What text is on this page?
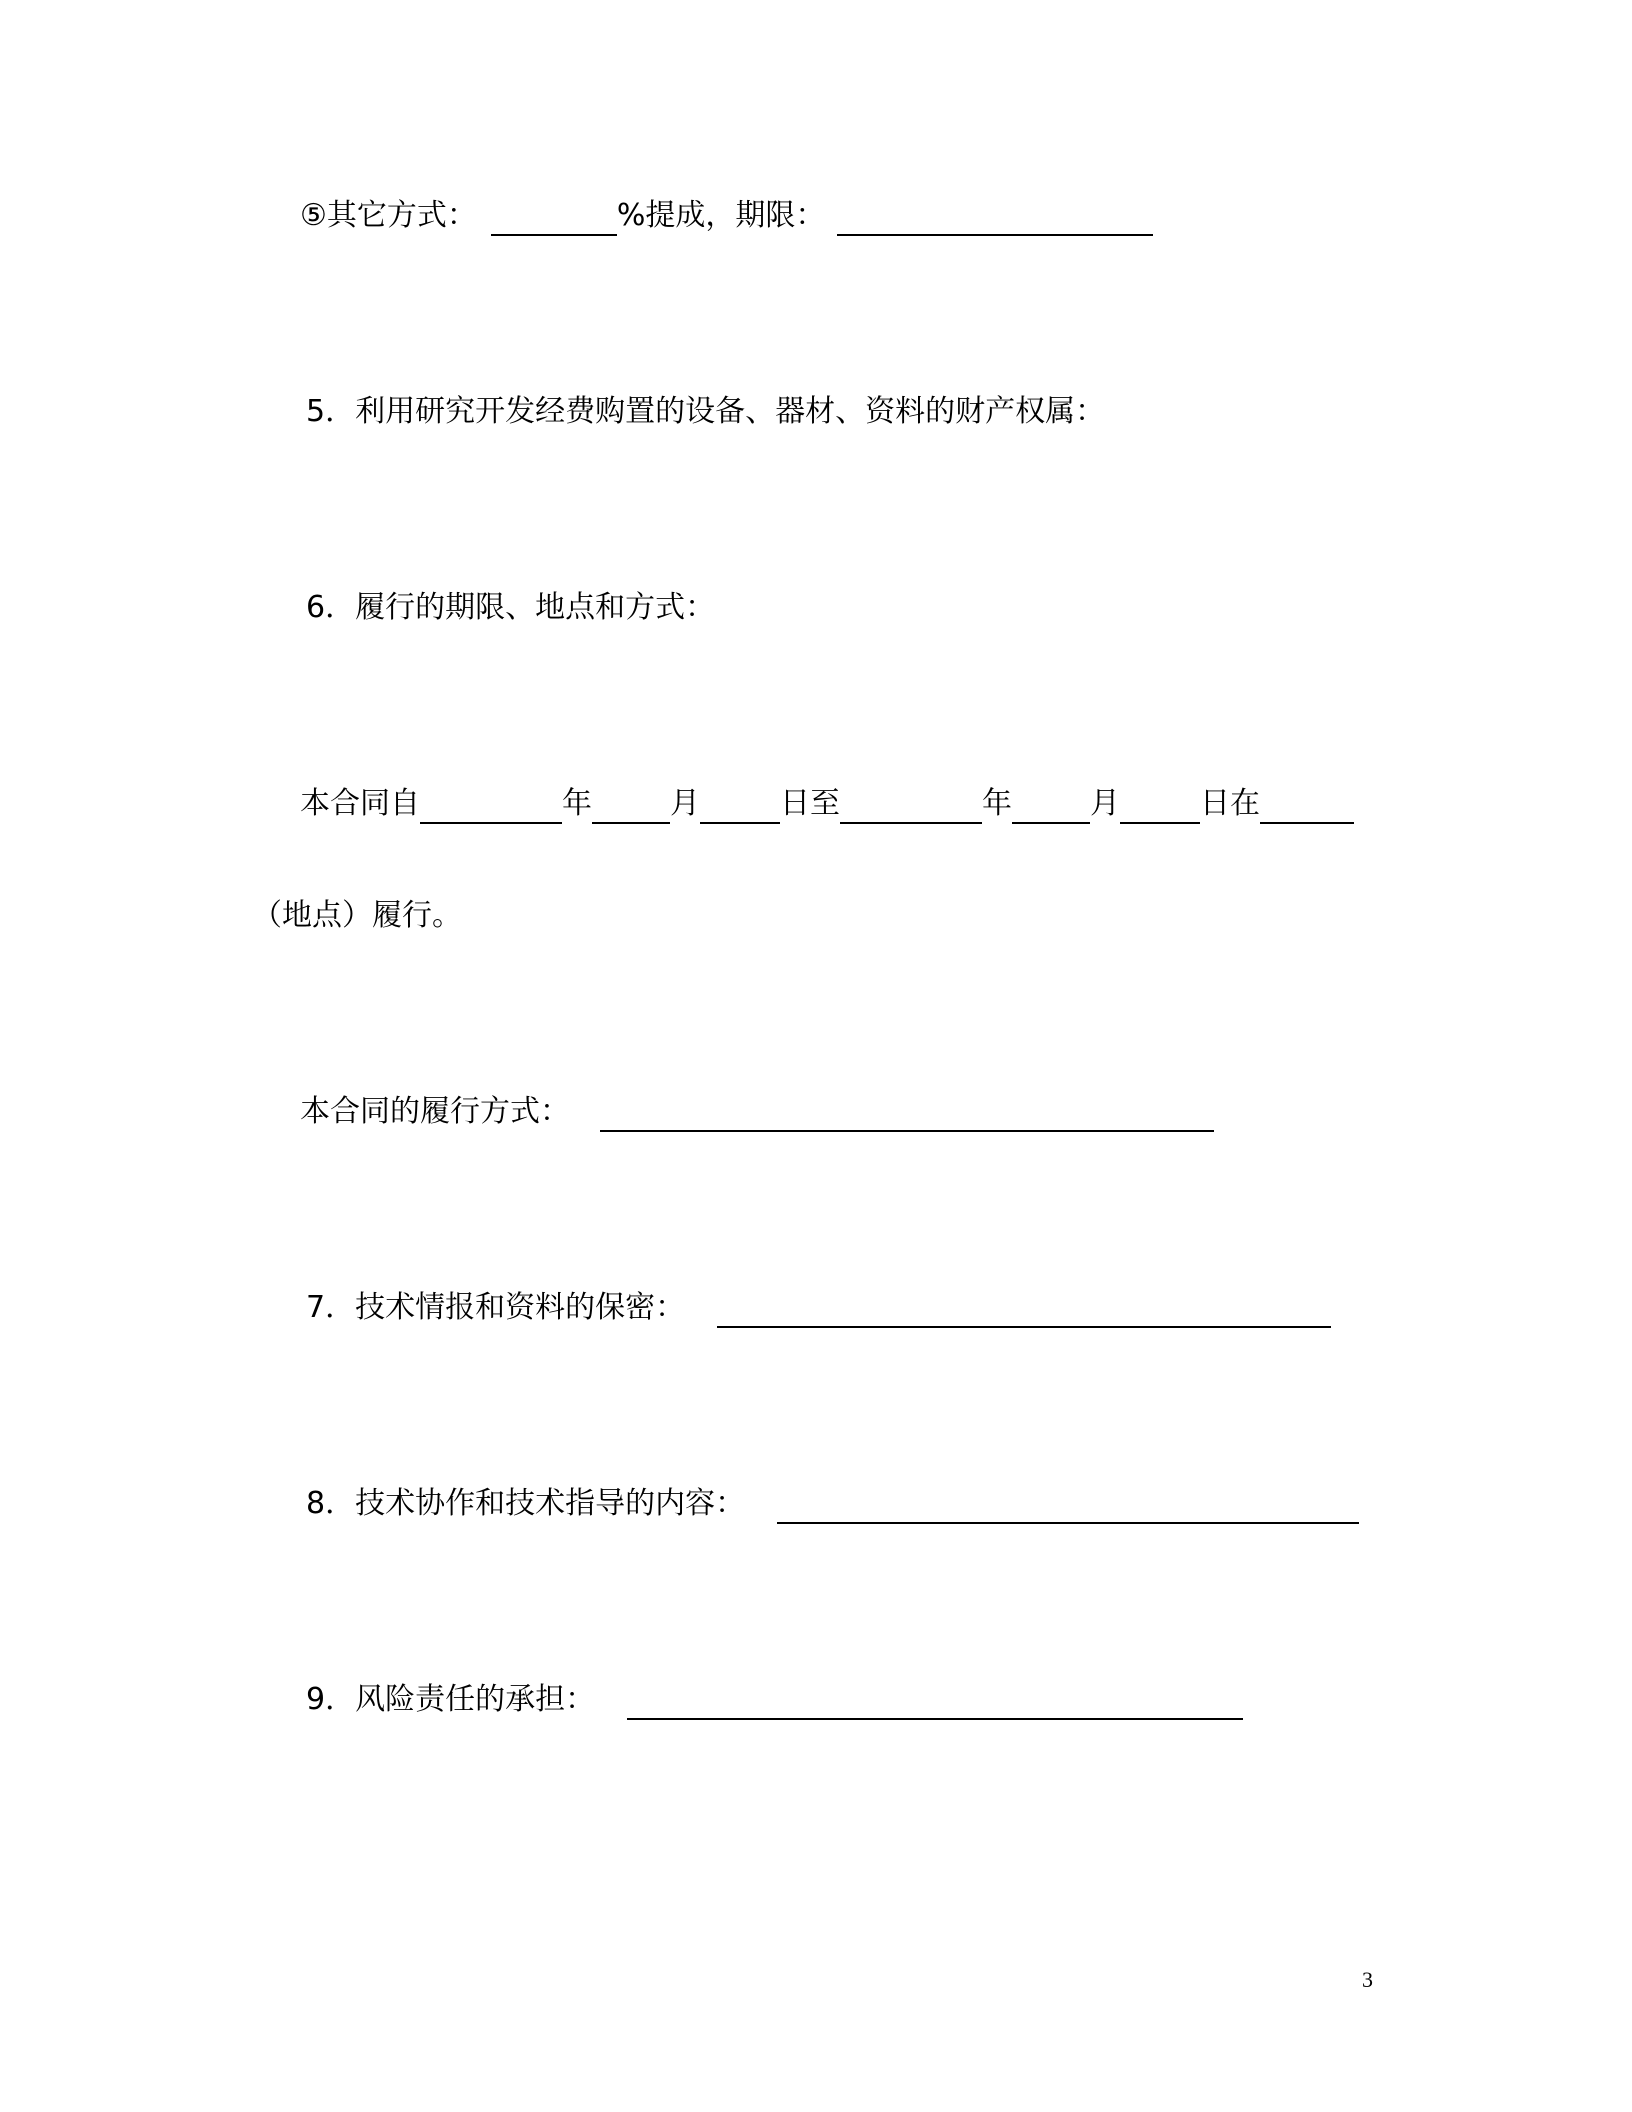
⑤其它方式：	%提成，期限：
5．利用研究开发经费购置的设备、器材、资料的财产权属：
6．履行的期限、地点和方式：
本合同自	年	月	日至	年	月	日在
（地点）履行。
本合同的履行方式：
7．技术情报和资料的保密：
8．技术协作和技术指导的内容：
9．风险责任的承担：
3
